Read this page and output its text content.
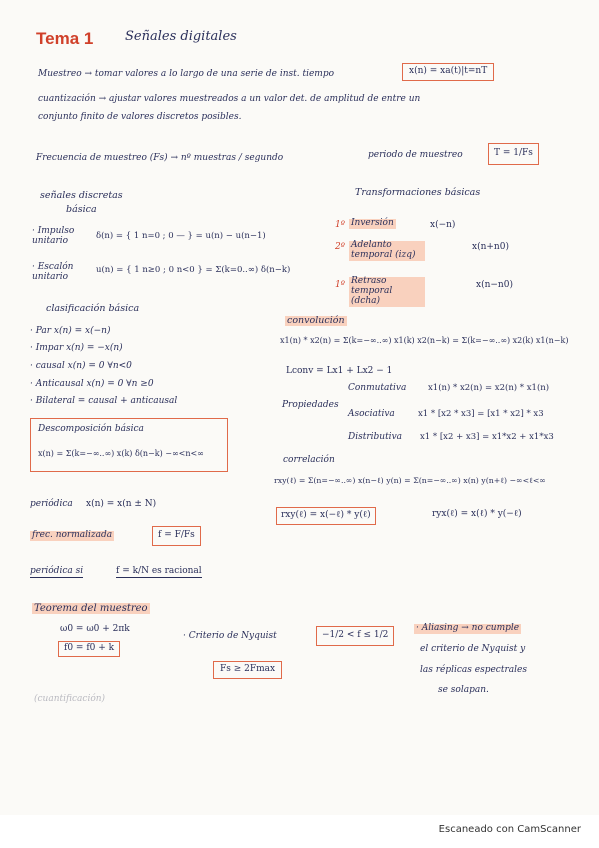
Tema 1 Señales digitales
Muestreo → tomar valores a lo largo de una serie de inst. tiempo	x(n) = xa(t)|t=nT
cuantización → ajustar valores muestreados a un valor det. de amplitud de entre un
conjunto finito de valores discretos posibles.
Frecuencia de muestreo (Fs) → nº muestras / segundo	periodo de muestreo	T = 1/Fs
señales discretas
básica
· Impulso unitario	δ(n) = { 1 n=0 ; 0 — } = u(n) − u(n−1)
· Escalón unitario
u(n) = { 1 n≥0 ; 0 n<0 } = Σ(k=0..∞) δ(n−k)
Transformaciones básicas
1º Inversión	x(−n)
2º Adelanto temporal (izq)
x(n+n0)
1º Retraso temporal (dcha)
x(n−n0)
clasificación básica
· Par x(n) = x(−n)
· Impar x(n) = −x(n)
· causal x(n) = 0 ∀n<0
· Anticausal x(n) = 0 ∀n ≥0
· Bilateral = causal + anticausal
convolución
x1(n) * x2(n) = Σ(k=−∞..∞) x1(k) x2(n−k) = Σ(k=−∞..∞) x2(k) x1(n−k)
Lconv = Lx1 + Lx2 − 1
Propiedades
Conmutativa	x1(n) * x2(n) = x2(n) * x1(n)
Asociativa	x1 * [x2 * x3] = [x1 * x2] * x3
Distributiva x1 * [x2 + x3] = x1*x2 + x1*x3
Descomposición básica
x(n) = Σ(k=−∞..∞) x(k) δ(n−k) −∞<n<∞
correlación
rxy(ℓ) = Σ(n=−∞..∞) x(n−ℓ) y(n) = Σ(n=−∞..∞) x(n) y(n+ℓ) −∞<ℓ<∞
rxy(ℓ) = x(−ℓ) * y(ℓ)	ryx(ℓ) = x(ℓ) * y(−ℓ)
periódica x(n) = x(n ± N)
frec. normalizada	f = F/Fs
periódica si	f = k/N es racional
Teorema del muestreo
ω0 = ω0 + 2πk
f0 = f0 + k
· Criterio de Nyquist	−1/2 < f ≤ 1/2
Fs ≥ 2Fmax
· Aliasing → no cumple
el criterio de Nyquist y
las réplicas espectrales
se solapan.
(cuantificación)
Escaneado con CamScanner
